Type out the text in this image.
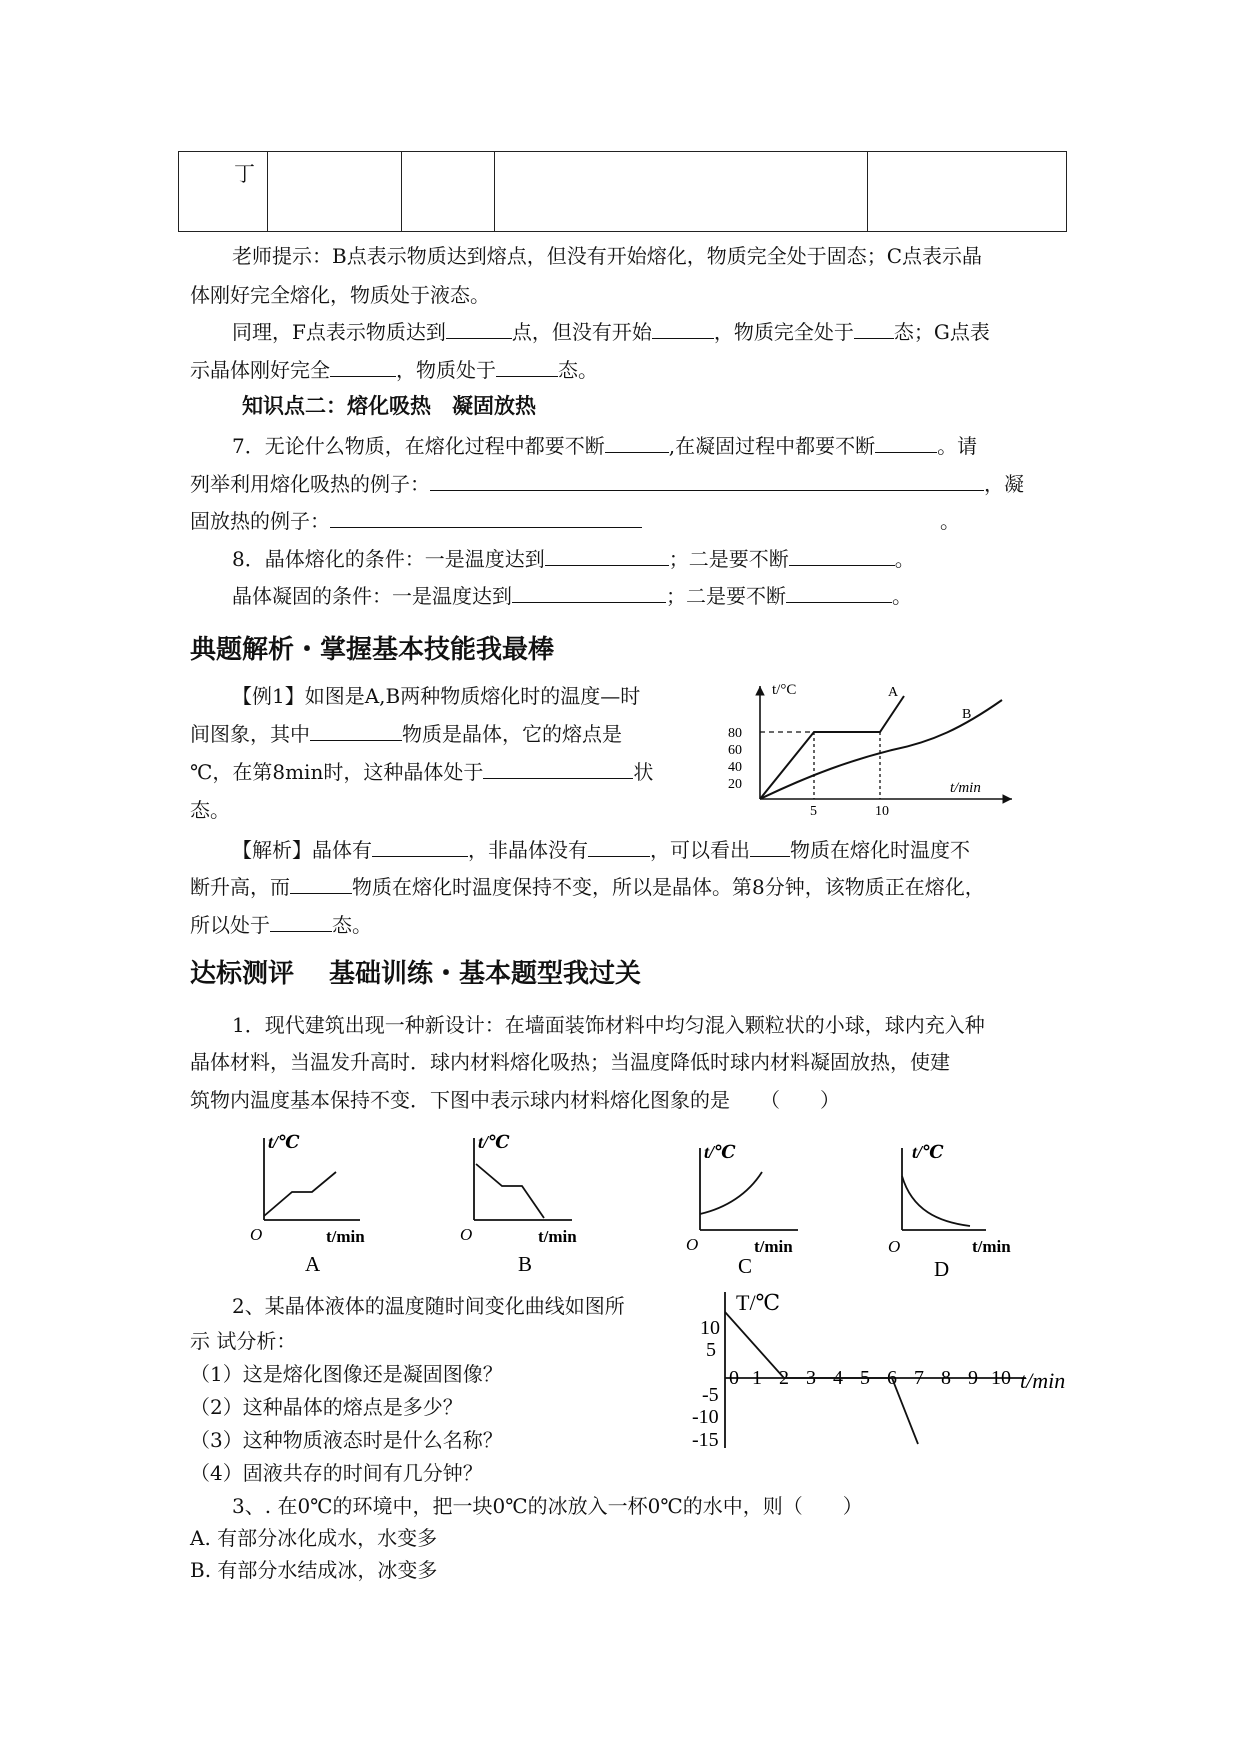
丁				
老师提示：B点表示物质达到熔点，但没有开始熔化，物质完全处于固态；C点表示晶
体刚好完全熔化，物质处于液态。
同理，F点表示物质达到	点，但没有开始	，物质完全处于 态；G点表
示晶体刚好完全	，物质处于	态。
知识点二：熔化吸热　凝固放热
7．无论什么物质，在熔化过程中都要不断	,在凝固过程中都要不断	。请
列举利用熔化吸热的例子：	，凝
固放热的例子：	。
8．晶体熔化的条件：一是温度达到	；二是要不断	。
晶体凝固的条件：一是温度达到	；二是要不断	。
典题解析・掌握基本技能我最棒
【例1】如图是A,B两种物质熔化时的温度—时
间图象，其中	物质是晶体，它的熔点是
℃，在第8min时，这种晶体处于	状
态。
【解析】晶体有	，非晶体没有	，可以看出 物质在熔化时温度不
断升高，而	物质在熔化时温度保持不变，所以是晶体。第8分钟，该物质正在熔化，
所以处于	态。
t/°C
t/min
80
60
40
20
5	10
A
B
达标测评　 基础训练・基本题型我过关
1．现代建筑出现一种新设计：在墙面装饰材料中均匀混入颗粒状的小球，球内充入种
晶体材料，当温发升高时．球内材料熔化吸热；当温度降低时球内材料凝固放热，使建
筑物内温度基本保持不变．下图中表示球内材料熔化图象的是　　（　　）
t/℃
O	t/min
A
t/℃
O	t/min
B
t/℃
O	t/min
C
t/℃
O	t/min
D
2、某晶体液体的温度随时间变化曲线如图所
示 试分析：
（1）这是熔化图像还是凝固图像？
（2）这种晶体的熔点是多少？
（3）这种物质液态时是什么名称？
（4）固液共存的时间有几分钟？
T/℃
t/min
10
5
-5
-10
-15
0 1 2 3 4 5 6 7 8 9 10
3、. 在0℃的环境中，把一块0℃的冰放入一杯0℃的水中，则（　　）
A. 有部分冰化成水，水变多
B. 有部分水结成冰，冰变多
